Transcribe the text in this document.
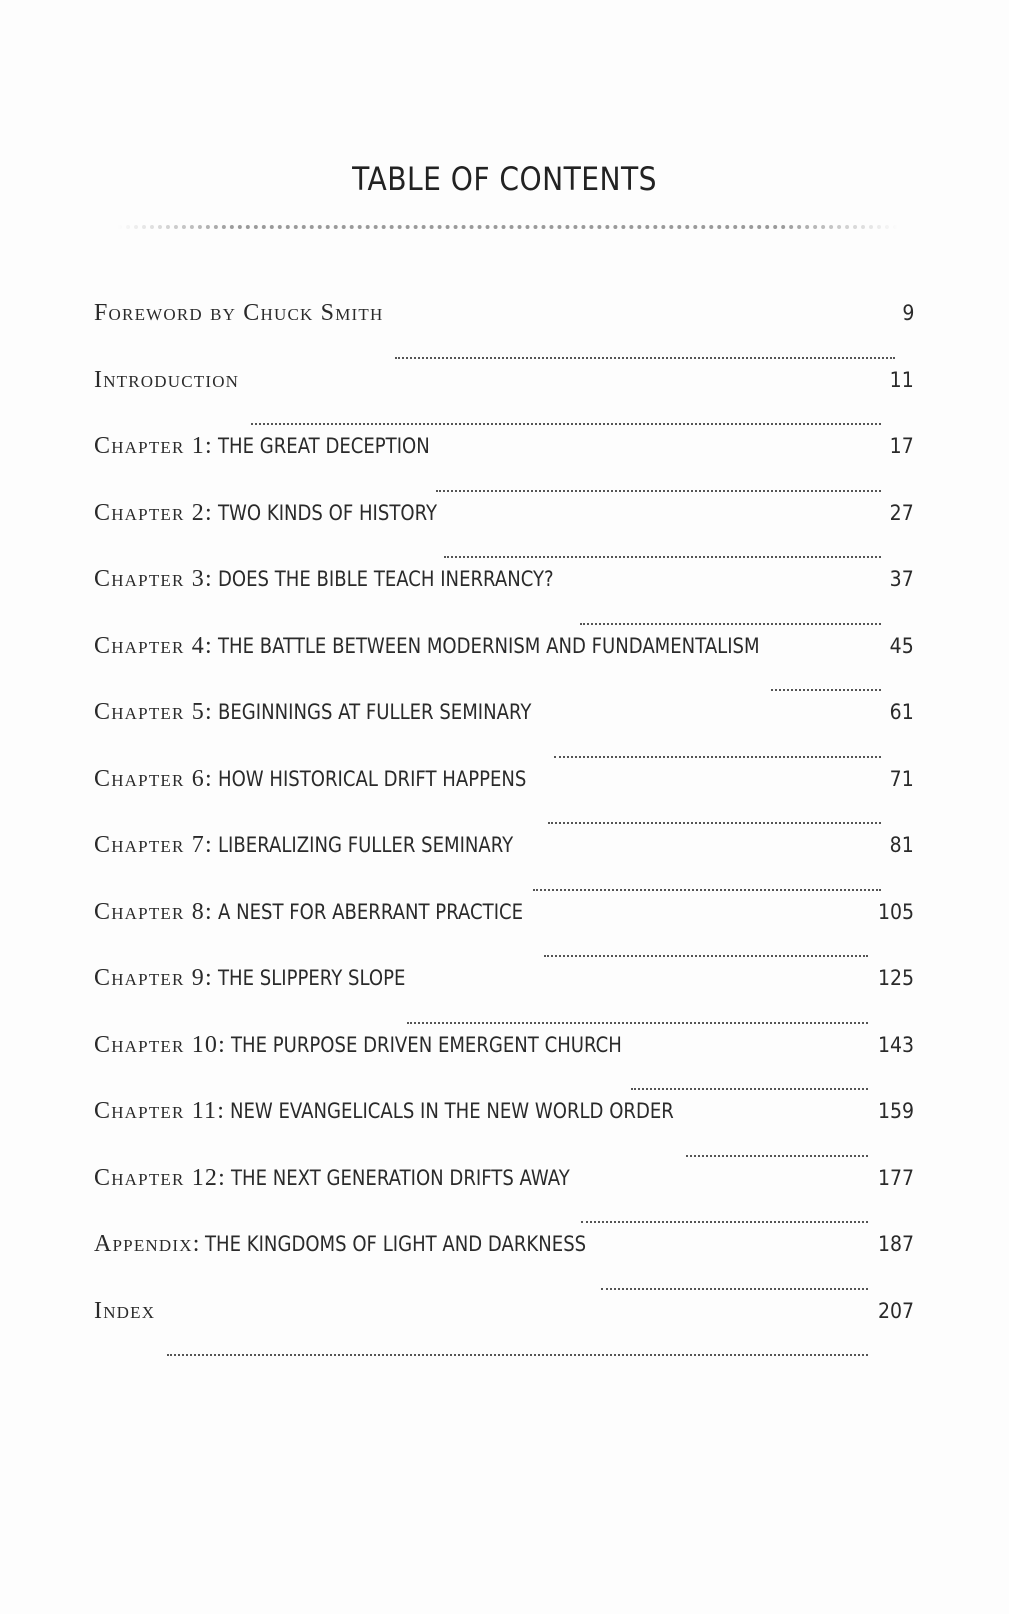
TABLE OF CONTENTS
Foreword by Chuck Smith	9
Introduction	11
Chapter 1 : THE GREAT DECEPTION	17
Chapter 2 : TWO KINDS OF HISTORY	27
Chapter 3 : DOES THE BIBLE TEACH INERRANCY?	37
Chapter 4 : THE BATTLE BETWEEN MODERNISM AND FUNDAMENTALISM	45
Chapter 5 : BEGINNINGS AT FULLER SEMINARY	61
Chapter 6 : HOW HISTORICAL DRIFT HAPPENS	71
Chapter 7 : LIBERALIZING FULLER SEMINARY	81
Chapter 8 : A NEST FOR ABERRANT PRACTICE	105
Chapter 9 : THE SLIPPERY SLOPE	125
Chapter 10 : THE PURPOSE DRIVEN EMERGENT CHURCH	143
Chapter 11 : NEW EVANGELICALS IN THE NEW WORLD ORDER	159
Chapter 12 : THE NEXT GENERATION DRIFTS AWAY	177
Appendix : THE KINGDOMS OF LIGHT AND DARKNESS	187
Index	207
